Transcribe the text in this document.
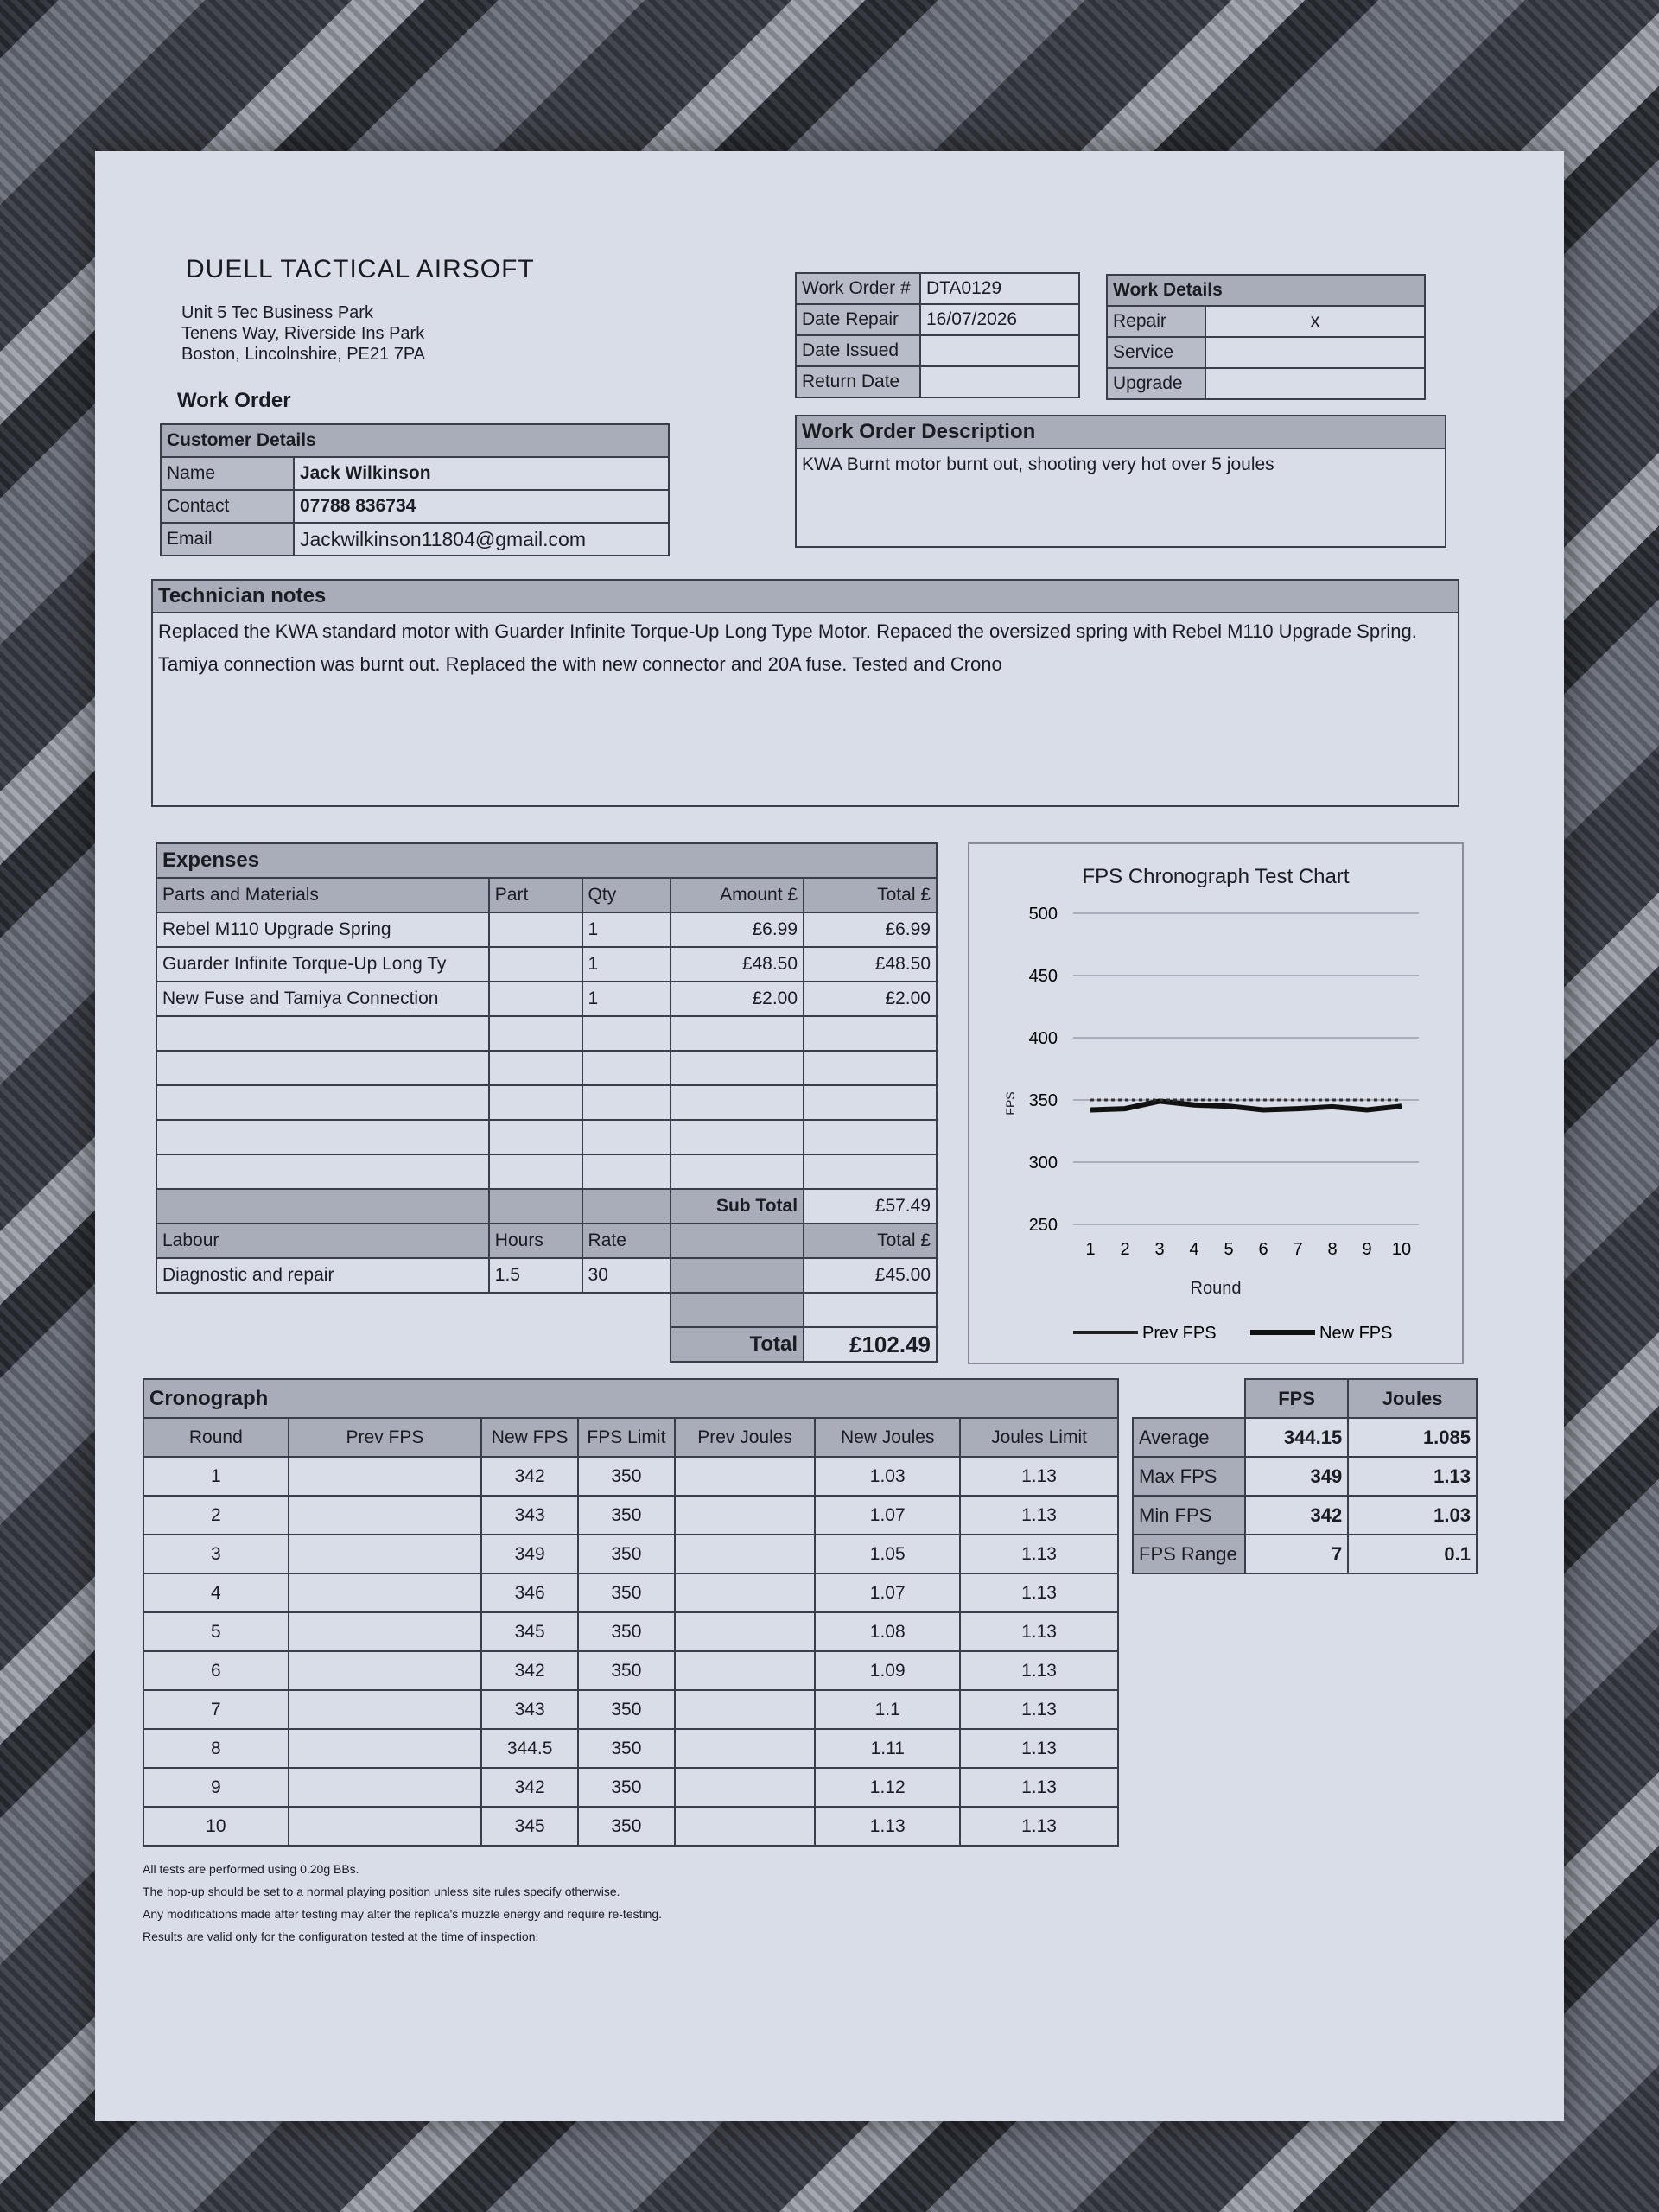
DUELL TACTICAL AIRSOFT
Unit 5 Tec Business Park
Tenens Way, Riverside Ins Park
Boston, Lincolnshire, PE21 7PA
Work Order
Customer Details	
Name	Jack Wilkinson
Contact	07788 836734
Email	Jackwilkinson11804@gmail.com
Work Order #	DTA0129
Date Repair	16/07/2026
Date Issued	
Return Date	
Work Details	
Repair	x
Service	
Upgrade	
Work Order Description
KWA Burnt motor burnt out, shooting very hot over 5 joules
Technician notes
Replaced the KWA standard motor with Guarder Infinite Torque-Up Long Type Motor. Repaced the oversized spring with Rebel M110 Upgrade Spring. Tamiya connection was burnt out. Replaced the with new connector and 20A fuse. Tested and Crono
Expenses				
Parts and Materials	Part	Qty	Amount £	Total £
Rebel M110 Upgrade Spring		1	£6.99	£6.99
Guarder Infinite Torque-Up Long Ty		1	£48.50	£48.50
New Fuse and Tamiya Connection		1	£2.00	£2.00

			Sub Total	£57.49
Labour	Hours	Rate		Total £
Diagnostic and repair	1.5	30		£45.00

			Total	£102.49
FPS Chronograph Test Chart
250
300
350
400
450
500
1 2 3 4 5 6 7 8 9 10
Round
FPS
Prev FPS	New FPS
Cronograph						
Round	Prev FPS	New FPS	FPS Limit	Prev Joules	New Joules	Joules Limit
1		342	350		1.03	1.13
2		343	350		1.07	1.13
3		349	350		1.05	1.13
4		346	350		1.07	1.13
5		345	350		1.08	1.13
6		342	350		1.09	1.13
7		343	350		1.1	1.13
8		344.5	350		1.11	1.13
9		342	350		1.12	1.13
10		345	350		1.13	1.13
	FPS	Joules
Average	344.15	1.085
Max FPS	349	1.13
Min FPS	342	1.03
FPS Range	7	0.1
All tests are performed using 0.20g BBs.
The hop-up should be set to a normal playing position unless site rules specify otherwise.
Any modifications made after testing may alter the replica's muzzle energy and require re-testing.
Results are valid only for the configuration tested at the time of inspection.
